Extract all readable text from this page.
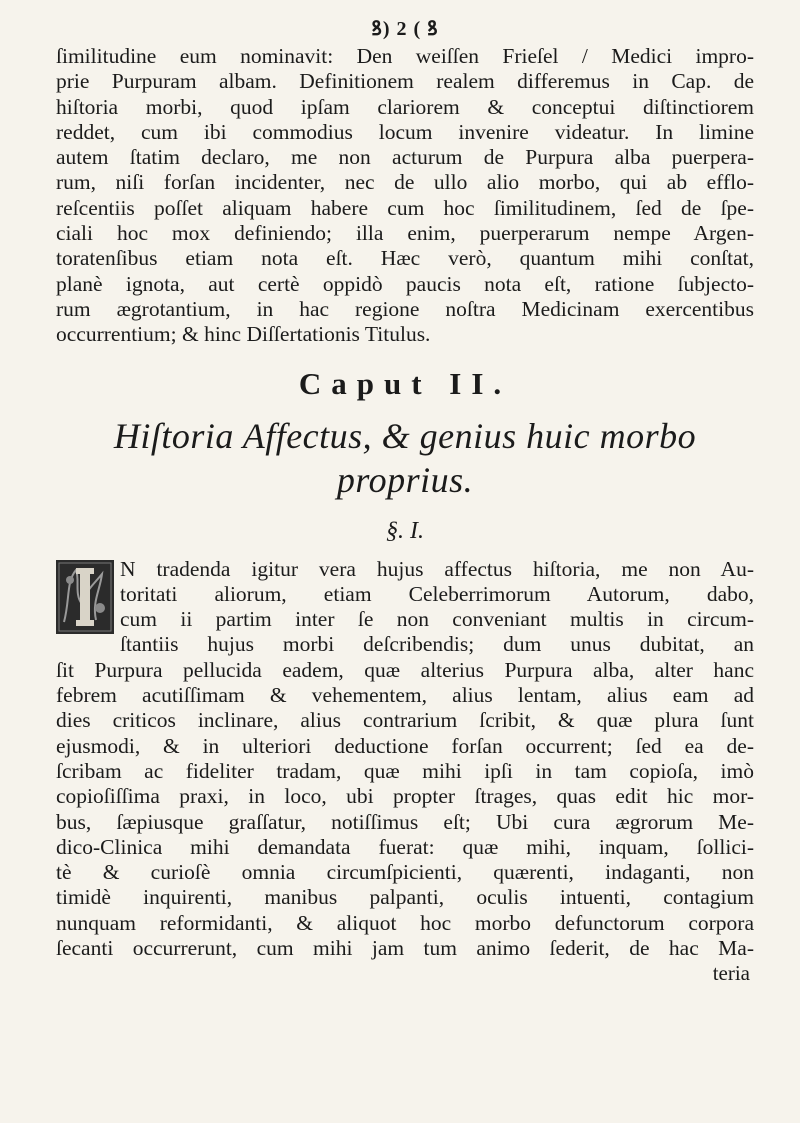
ꝸ) 2 ( ꝸ
ſimilitudine eum nominavit: Den weiſſen Frieſel / Medici impro-
prie Purpuram albam. Definitionem realem differemus in Cap. de
hiſtoria morbi, quod ipſam clariorem & conceptui diſtinctiorem
reddet, cum ibi commodius locum invenire videatur. In limine
autem ſtatim declaro, me non acturum de Purpura alba puerpera-
rum, niſi forſan incidenter, nec de ullo alio morbo, qui ab efflo-
reſcentiis poſſet aliquam habere cum hoc ſimilitudinem, ſed de ſpe-
ciali hoc mox definiendo; illa enim, puerperarum nempe Argen-
toratenſibus etiam nota eſt. Hæc verò, quantum mihi conſtat,
planè ignota, aut certè oppidò paucis nota eſt, ratione ſubjecto-
rum ægrotantium, in hac regione noſtra Medicinam exercentibus
occurrentium; & hinc Diſſertationis Titulus.
Caput II.
Hiſtoria Affectus, & genius huic morbo
proprius.
§. I.
N tradenda igitur vera hujus affectus hiſtoria, me non Au-
toritati aliorum, etiam Celeberrimorum Autorum, dabo,
cum ii partim inter ſe non conveniant multis in circum-
ſtantiis hujus morbi deſcribendis; dum unus dubitat, an
ſit Purpura pellucida eadem, quæ alterius Purpura alba, alter hanc
febrem acutiſſimam & vehementem, alius lentam, alius eam ad
dies criticos inclinare, alius contrarium ſcribit, & quæ plura ſunt
ejusmodi, & in ulteriori deductione forſan occurrent; ſed ea de-
ſcribam ac fideliter tradam, quæ mihi ipſi in tam copioſa, imò
copioſiſſima praxi, in loco, ubi propter ſtrages, quas edit hic mor-
bus, ſæpiusque graſſatur, notiſſimus eſt; Ubi cura ægrorum Me-
dico-Clinica mihi demandata fuerat: quæ mihi, inquam, ſollici-
tè & curioſè omnia circumſpicienti, quærenti, indaganti, non
timidè inquirenti, manibus palpanti, oculis intuenti, contagium
nunquam reformidanti, & aliquot hoc morbo defunctorum corpora
ſecanti occurrerunt, cum mihi jam tum animo ſederit, de hac Ma-
teria
